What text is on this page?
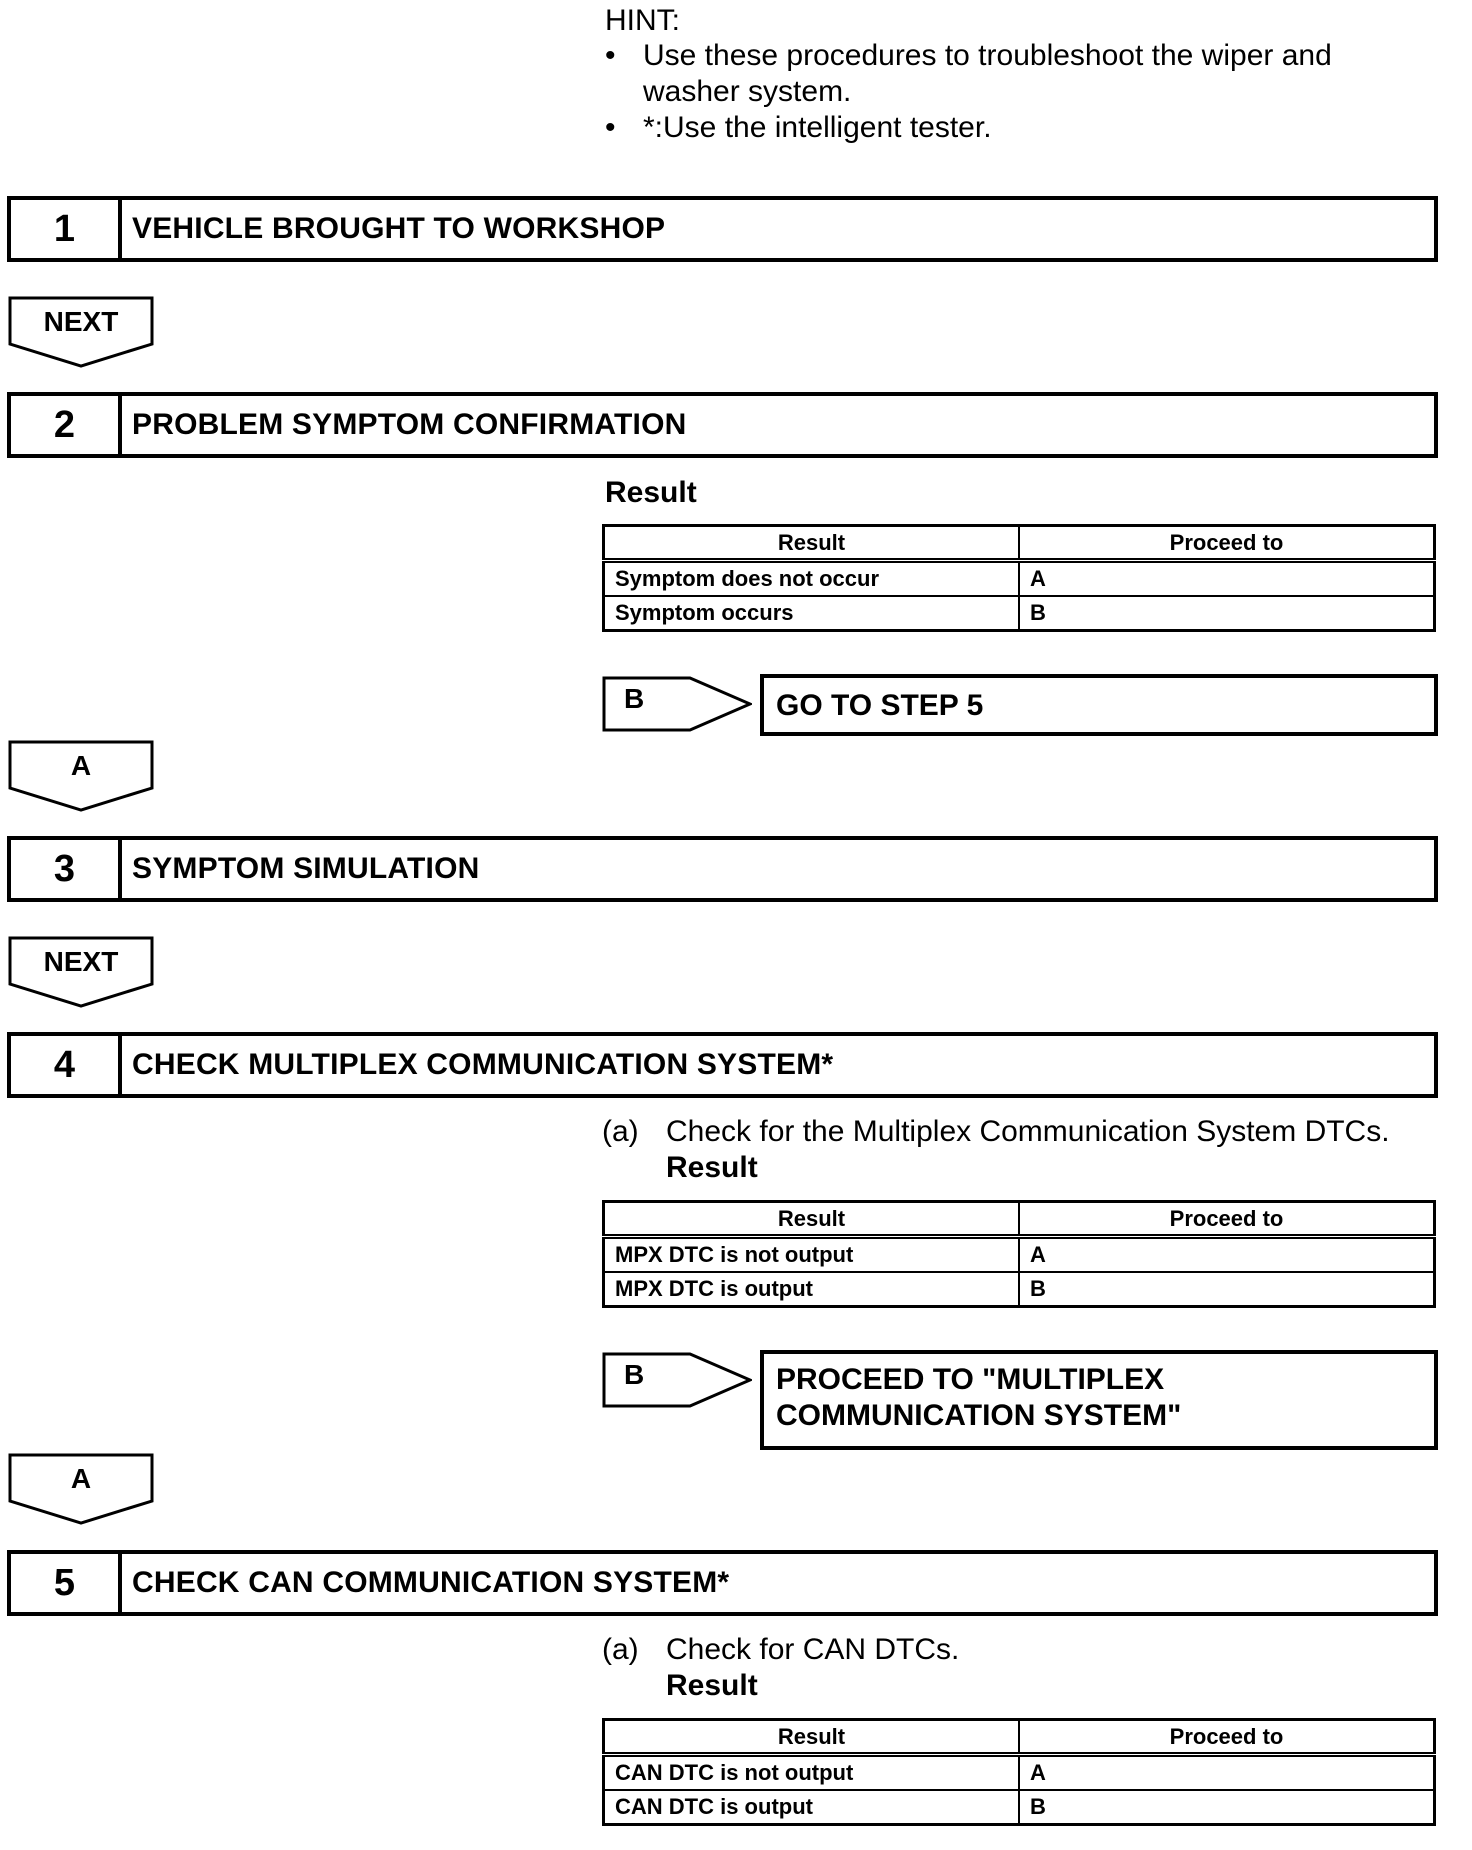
HINT:
• Use these procedures to troubleshoot the wiper and washer system.
• *:Use the intelligent tester.
1	VEHICLE BROUGHT TO WORKSHOP
NEXT
2	PROBLEM SYMPTOM CONFIRMATION
Result
Result	Proceed to
Symptom does not occur	A
Symptom occurs	B
B	GO TO STEP 5
A
3	SYMPTOM SIMULATION
NEXT
4	CHECK MULTIPLEX COMMUNICATION SYSTEM*
(a) Check for the Multiplex Communication System DTCs.
Result
Result	Proceed to
MPX DTC is not output	A
MPX DTC is output	B
B	PROCEED TO "MULTIPLEX
COMMUNICATION SYSTEM"
A
5	CHECK CAN COMMUNICATION SYSTEM*
(a) Check for CAN DTCs.
Result
Result	Proceed to
CAN DTC is not output	A
CAN DTC is output	B
